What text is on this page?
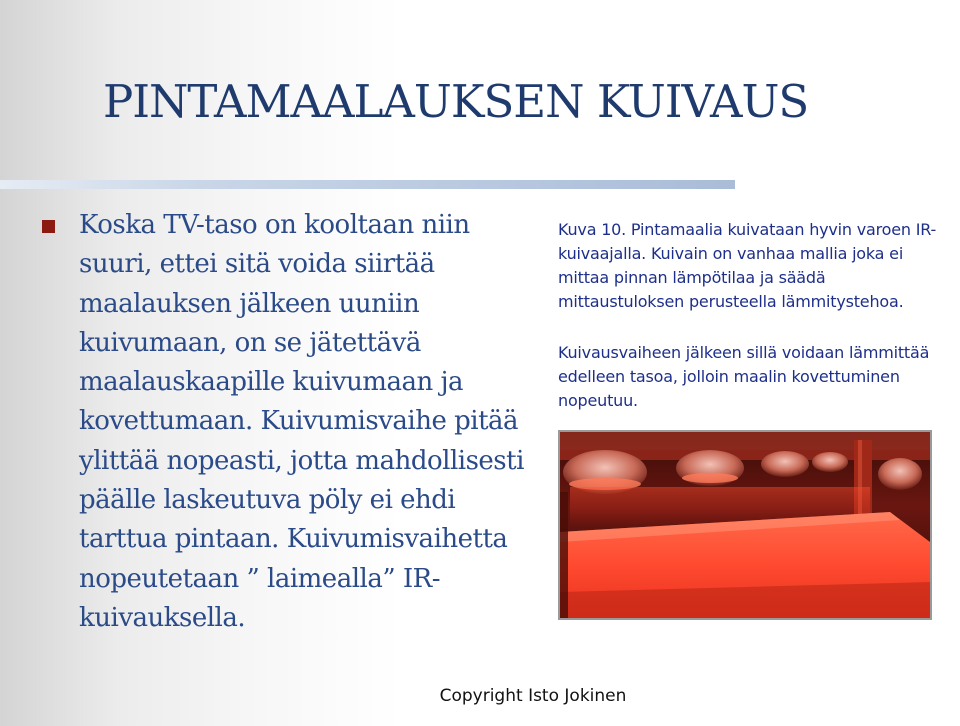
PINTAMAALAUKSEN KUIVAUS

Koska TV-taso on kooltaan niin suuri, ettei sitä voida siirtää maalauksen jälkeen uuniin kuivumaan, on se jätettävä maalauskaapille kuivumaan ja kovettumaan. Kuivumisvaihe pitää ylittää nopeasti, jotta mahdollisesti päälle laskeutuva pöly ei ehdi tarttua pintaan. Kuivumisvaihetta nopeutetaan ” laimealla” IR-kuivauksella.

Kuva 10. Pintamaalia kuivataan hyvin varoen IR-kuivaajalla. Kuivain on vanhaa mallia joka ei mittaa pinnan lämpötilaa ja säädä mittaustuloksen perusteella lämmitystehoa.

Kuivausvaiheen jälkeen sillä voidaan lämmittää edelleen tasoa, jolloin maalin kovettuminen nopeutuu.

Copyright Isto Jokinen
